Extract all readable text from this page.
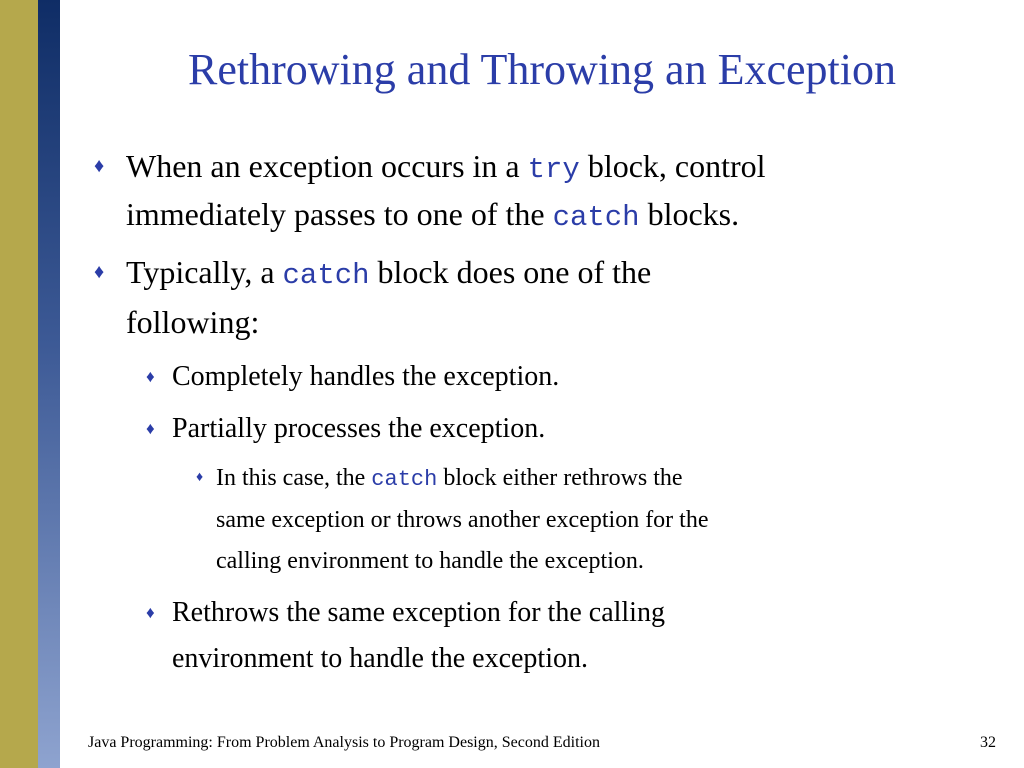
Rethrowing and Throwing an Exception
♦ When an exception occurs in a try block, control
immediately passes to one of the catch blocks.
♦ Typically, a catch block does one of the
following:
♦ Completely handles the exception.
♦ Partially processes the exception.
♦ In this case, the catch block either rethrows the
same exception or throws another exception for the
calling environment to handle the exception.
♦ Rethrows the same exception for the calling
environment to handle the exception.
Java Programming: From Problem Analysis to Program Design, Second Edition	32
